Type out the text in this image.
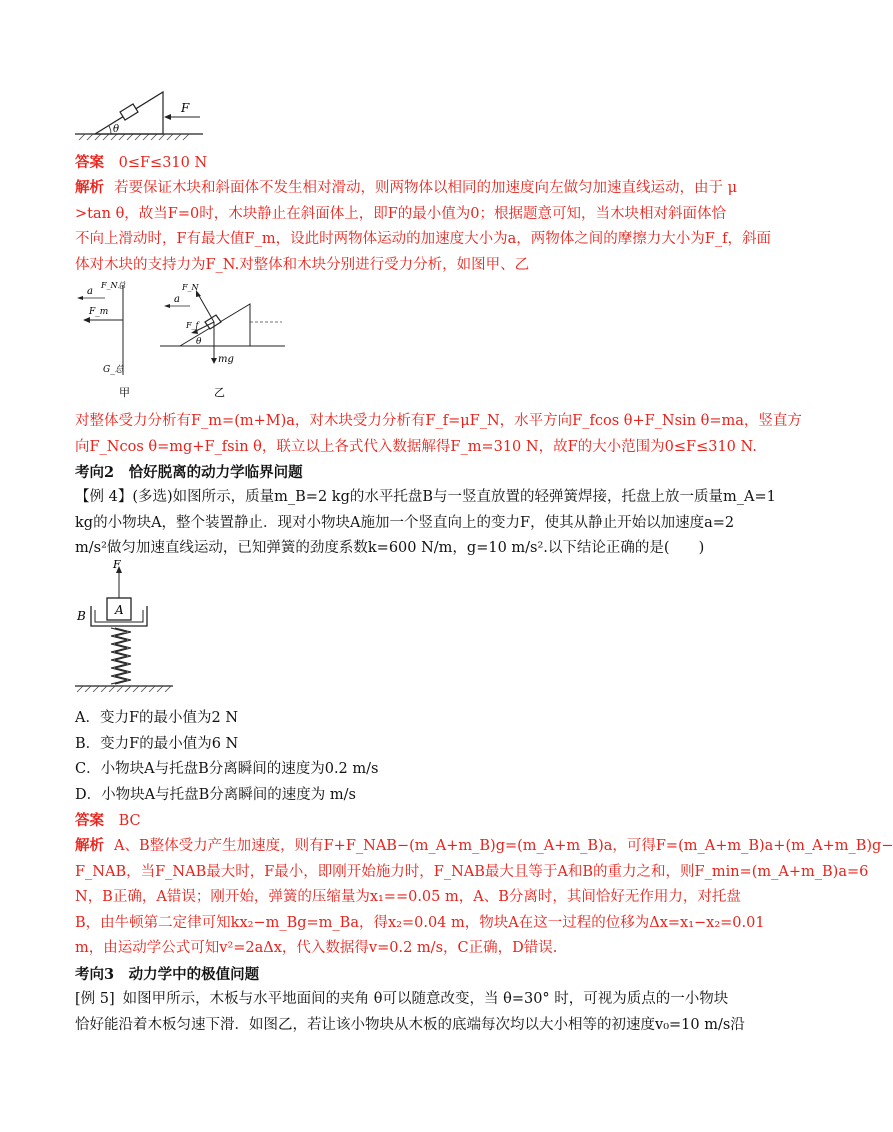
θ
F
答案 0≤F≤310 N
解析 若要保证木块和斜面体不发生相对滑动，则两物体以相同的加速度向左做匀加速直线运动，由于 μ
>tan θ，故当F=0时，木块静止在斜面体上，即F的最小值为0；根据题意可知，当木块相对斜面体恰
不向上滑动时，F有最大值F_m，设此时两物体运动的加速度大小为a，两物体之间的摩擦力大小为F_f，斜面
体对木块的支持力为F_N.对整体和木块分别进行受力分析，如图甲、乙
F_N总
a
F_m
G_总
甲
F_N
a
F_f
mg
θ
乙
对整体受力分析有F_m=(m+M)a，对木块受力分析有F_f=μF_N，水平方向F_fcos θ+F_Nsin θ=ma，竖直方
向F_Ncos θ=mg+F_fsin θ，联立以上各式代入数据解得F_m=310 N，故F的大小范围为0≤F≤310 N.
考向2　恰好脱离的动力学临界问题
【例 4】(多选)如图所示，质量m_B=2 kg的水平托盘B与一竖直放置的轻弹簧焊接，托盘上放一质量m_A=1
kg的小物块A，整个装置静止．现对小物块A施加一个竖直向上的变力F，使其从静止开始以加速度a=2
m/s²做匀加速直线运动，已知弹簧的劲度系数k=600 N/m，g=10 m/s².以下结论正确的是(　　)
F
A
B
A．变力F的最小值为2 N
B．变力F的最小值为6 N
C．小物块A与托盘B分离瞬间的速度为0.2 m/s
D．小物块A与托盘B分离瞬间的速度为 m/s
答案 BC
解析 A、B整体受力产生加速度，则有F+F_NAB−(m_A+m_B)g=(m_A+m_B)a，可得F=(m_A+m_B)a+(m_A+m_B)g−
F_NAB，当F_NAB最大时，F最小，即刚开始施力时，F_NAB最大且等于A和B的重力之和，则F_min=(m_A+m_B)a=6
N，B正确，A错误；刚开始，弹簧的压缩量为x₁==0.05 m，A、B分离时，其间恰好无作用力，对托盘
B，由牛顿第二定律可知kx₂−m_Bg=m_Ba，得x₂=0.04 m，物块A在这一过程的位移为Δx=x₁−x₂=0.01
m，由运动学公式可知v²=2aΔx，代入数据得v=0.2 m/s，C正确，D错误.
考向3　动力学中的极值问题
[例 5] 如图甲所示，木板与水平地面间的夹角 θ可以随意改变，当 θ=30° 时，可视为质点的一小物块
恰好能沿着木板匀速下滑．如图乙，若让该小物块从木板的底端每次均以大小相等的初速度v₀=10 m/s沿
